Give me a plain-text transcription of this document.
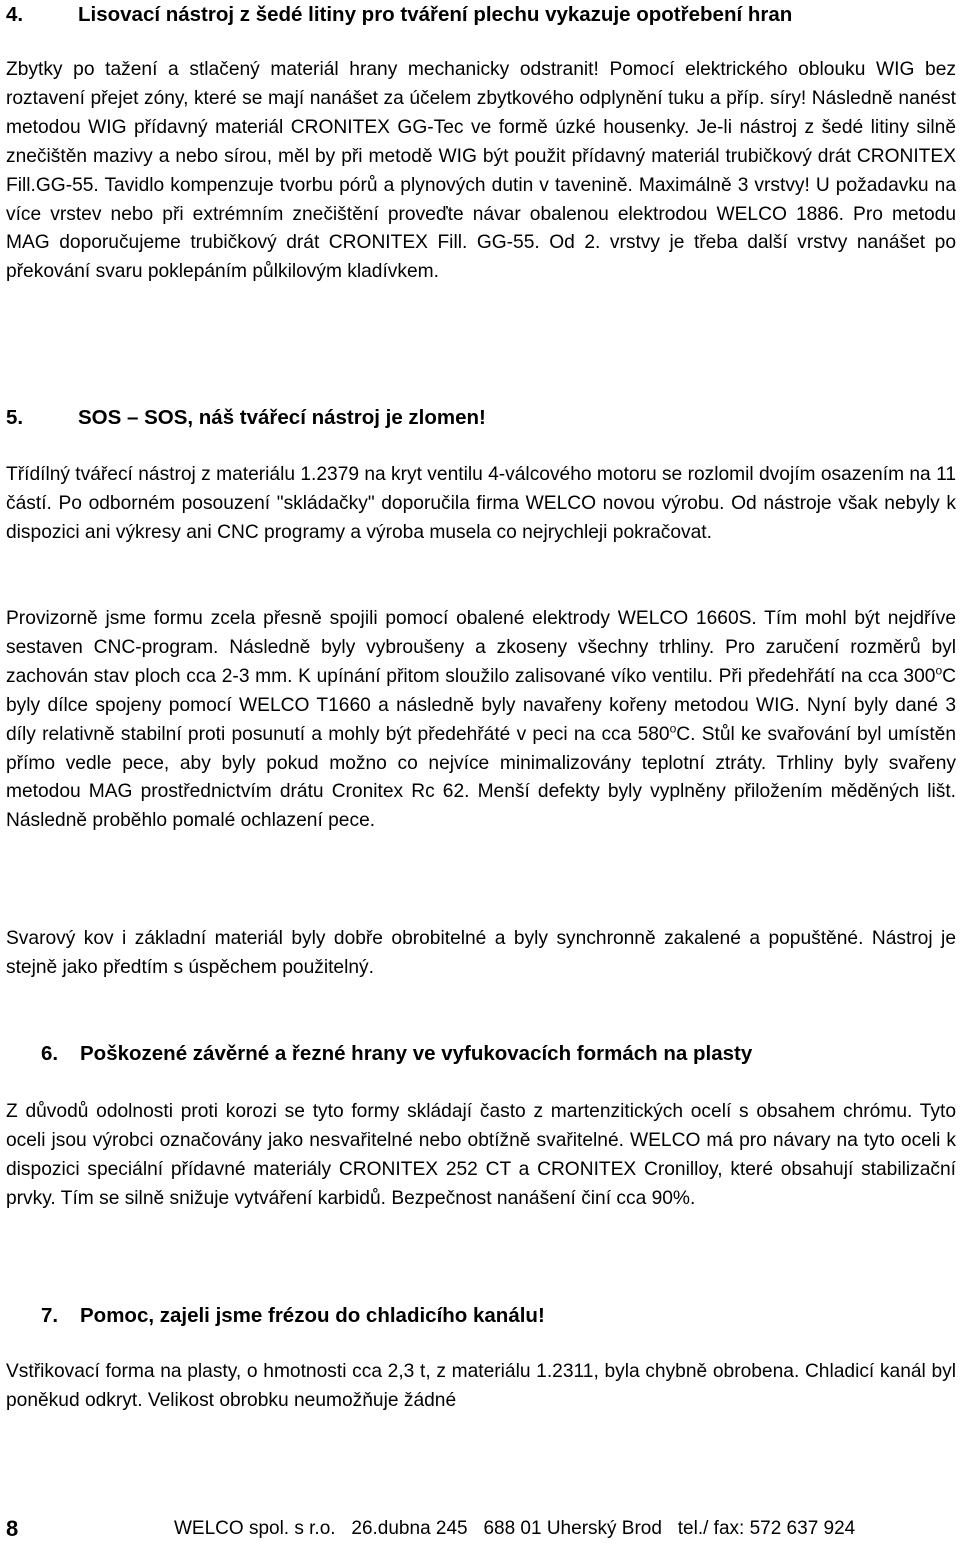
4.	Lisovací nástroj z šedé litiny pro tváření plechu vykazuje opotřebení hran
Zbytky po tažení a stlačený materiál hrany mechanicky odstranit! Pomocí elektrického oblouku WIG bez roztavení přejet zóny, které se mají nanášet za účelem zbytkového odplynění tuku a příp. síry! Následně nanést metodou WIG přídavný materiál CRONITEX GG-Tec ve formě úzké housenky. Je-li nástroj z šedé litiny silně znečištěn mazivy a nebo sírou, měl by při metodě WIG být použit přídavný materiál trubičkový drát CRONITEX Fill.GG-55. Tavidlo kompenzuje tvorbu pórů a plynových dutin v tavenině. Maximálně 3 vrstvy! U požadavku na více vrstev nebo při extrémním znečištění proveďte návar obalenou elektrodou WELCO 1886. Pro metodu MAG doporučujeme trubičkový drát CRONITEX Fill. GG-55. Od 2. vrstvy je třeba další vrstvy nanášet po překování svaru poklepáním půlkilovým kladívkem.
5.	SOS – SOS, náš tvářecí nástroj je zlomen!
Třídílný tvářecí nástroj z materiálu 1.2379 na kryt ventilu 4-válcového motoru se rozlomil dvojím osazením na 11 částí. Po odborném posouzení "skládačky" doporučila firma WELCO novou výrobu. Od nástroje však nebyly k dispozici ani výkresy ani CNC programy a výroba musela co nejrychleji pokračovat.
Provizorně jsme formu zcela přesně spojili pomocí obalené elektrody WELCO 1660S. Tím mohl být nejdříve sestaven CNC-program. Následně byly vybroušeny a zkoseny všechny trhliny. Pro zaručení rozměrů byl zachován stav ploch cca 2-3 mm. K upínání přitom sloužilo zalisované víko ventilu. Při předehřátí na cca 300$^o$C byly dílce spojeny pomocí WELCO T1660 a následně byly navařeny kořeny metodou WIG. Nyní byly dané 3 díly relativně stabilní proti posunutí a mohly být předehřáté v peci na cca 580$^o$C. Stůl ke svařování byl umístěn přímo vedle pece, aby byly pokud možno co nejvíce minimalizovány teplotní ztráty. Trhliny byly svařeny metodou MAG prostřednictvím drátu Cronitex Rc 62. Menší defekty byly vyplněny přiložením měděných lišt. Následně proběhlo pomalé ochlazení pece.
Svarový kov i základní materiál byly dobře obrobitelné a byly synchronně zakalené a popuštěné. Nástroj je stejně jako předtím s úspěchem použitelný.
6. Poškozené závěrné a řezné hrany ve vyfukovacích formách na plasty
Z důvodů odolnosti proti korozi se tyto formy skládají často z martenzitických ocelí s obsahem chrómu. Tyto oceli jsou výrobci označovány jako nesvařitelné nebo obtížně svařitelné. WELCO má pro návary na tyto oceli k dispozici speciální přídavné materiály CRONITEX 252 CT a CRONITEX Cronilloy, které obsahují stabilizační prvky. Tím se silně snižuje vytváření karbidů. Bezpečnost nanášení činí cca 90%.
7. Pomoc, zajeli jsme frézou do chladicího kanálu!
Vstřikovací forma na plasty, o hmotnosti cca 2,3 t, z materiálu 1.2311, byla chybně obrobena. Chladicí kanál byl poněkud odkryt. Velikost obrobku neumožňuje žádné
8	WELCO spol. s r.o.   26.dubna 245   688 01 Uherský Brod   tel./ fax: 572 637 924
